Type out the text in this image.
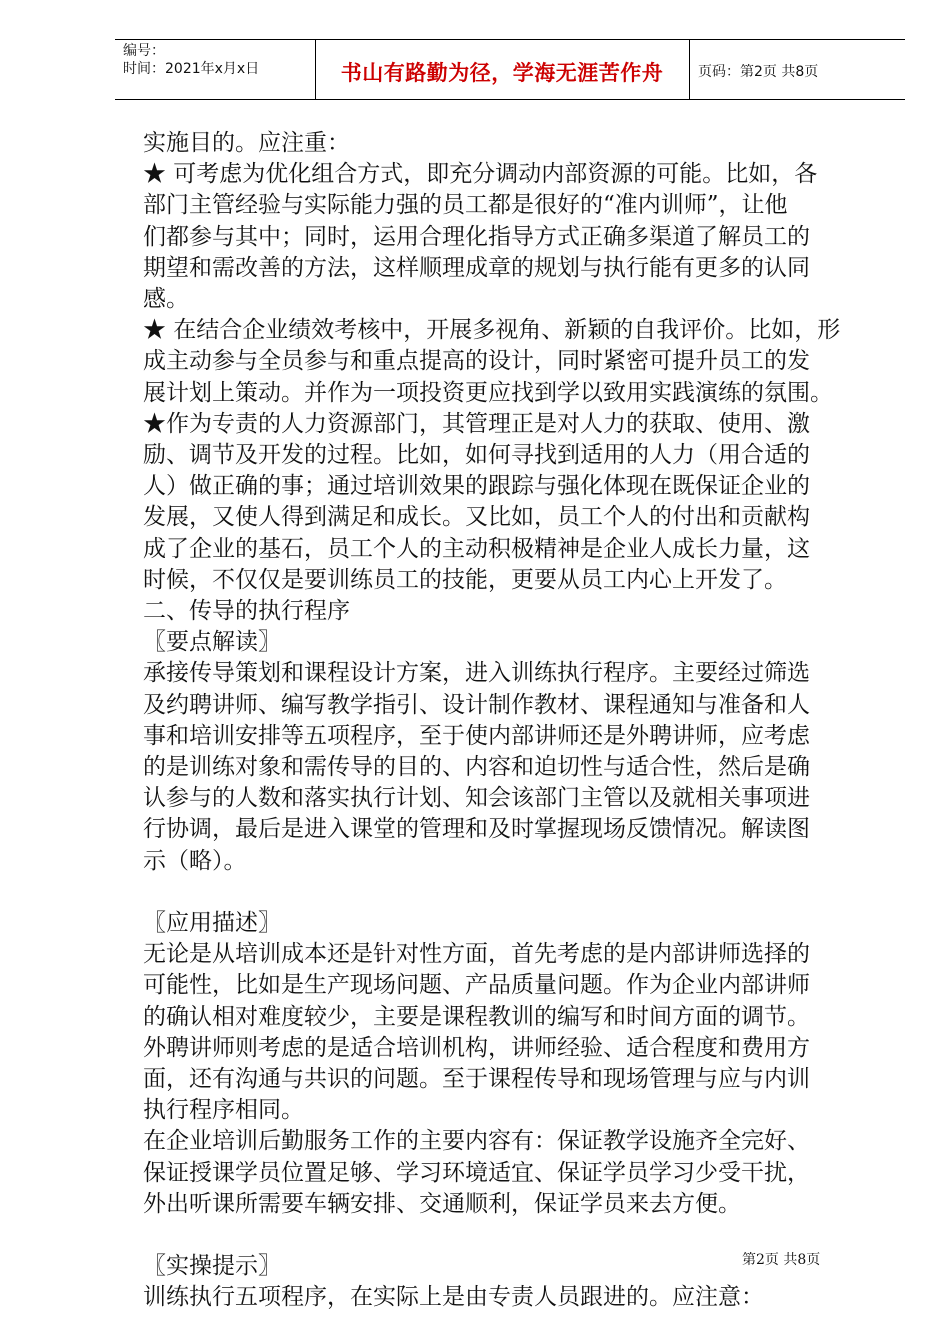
编号：
时间：2021年x月x日	书山有路勤为径，学海无涯苦作舟	页码：第2页 共8页

实施目的。应注重：

★ 可考虑为优化组合方式，即充分调动内部资源的可能。比如，各

部门主管经验与实际能力强的员工都是很好的“准内训师”，让他

们都参与其中；同时，运用合理化指导方式正确多渠道了解员工的

期望和需改善的方法，这样顺理成章的规划与执行能有更多的认同

感。

★ 在结合企业绩效考核中，开展多视角、新颖的自我评价。比如，形

成主动参与全员参与和重点提高的设计，同时紧密可提升员工的发

展计划上策动。并作为一项投资更应找到学以致用实践演练的氛围。

★作为专责的人力资源部门，其管理正是对人力的获取、使用、激

励、调节及开发的过程。比如，如何寻找到适用的人力（用合适的

人）做正确的事；通过培训效果的跟踪与强化体现在既保证企业的

发展，又使人得到满足和成长。又比如，员工个人的付出和贡献构

成了企业的基石，员工个人的主动积极精神是企业人成长力量，这

时候，不仅仅是要训练员工的技能，更要从员工内心上开发了。

二、传导的执行程序

〖要点解读〗

承接传导策划和课程设计方案，进入训练执行程序。主要经过筛选

及约聘讲师、编写教学指引、设计制作教材、课程通知与准备和人

事和培训安排等五项程序，至于使内部讲师还是外聘讲师，应考虑

的是训练对象和需传导的目的、内容和迫切性与适合性，然后是确

认参与的人数和落实执行计划、知会该部门主管以及就相关事项进

行协调，最后是进入课堂的管理和及时掌握现场反馈情况。解读图

示（略）。

〖应用描述〗

无论是从培训成本还是针对性方面，首先考虑的是内部讲师选择的

可能性，比如是生产现场问题、产品质量问题。作为企业内部讲师

的确认相对难度较少，主要是课程教训的编写和时间方面的调节。

外聘讲师则考虑的是适合培训机构，讲师经验、适合程度和费用方

面，还有沟通与共识的问题。至于课程传导和现场管理与应与内训

执行程序相同。

在企业培训后勤服务工作的主要内容有：保证教学设施齐全完好、

保证授课学员位置足够、学习环境适宜、保证学员学习少受干扰，

外出听课所需要车辆安排、交通顺利，保证学员来去方便。

〖实操提示〗

训练执行五项程序，在实际上是由专责人员跟进的。应注意：

第2页 共8页
